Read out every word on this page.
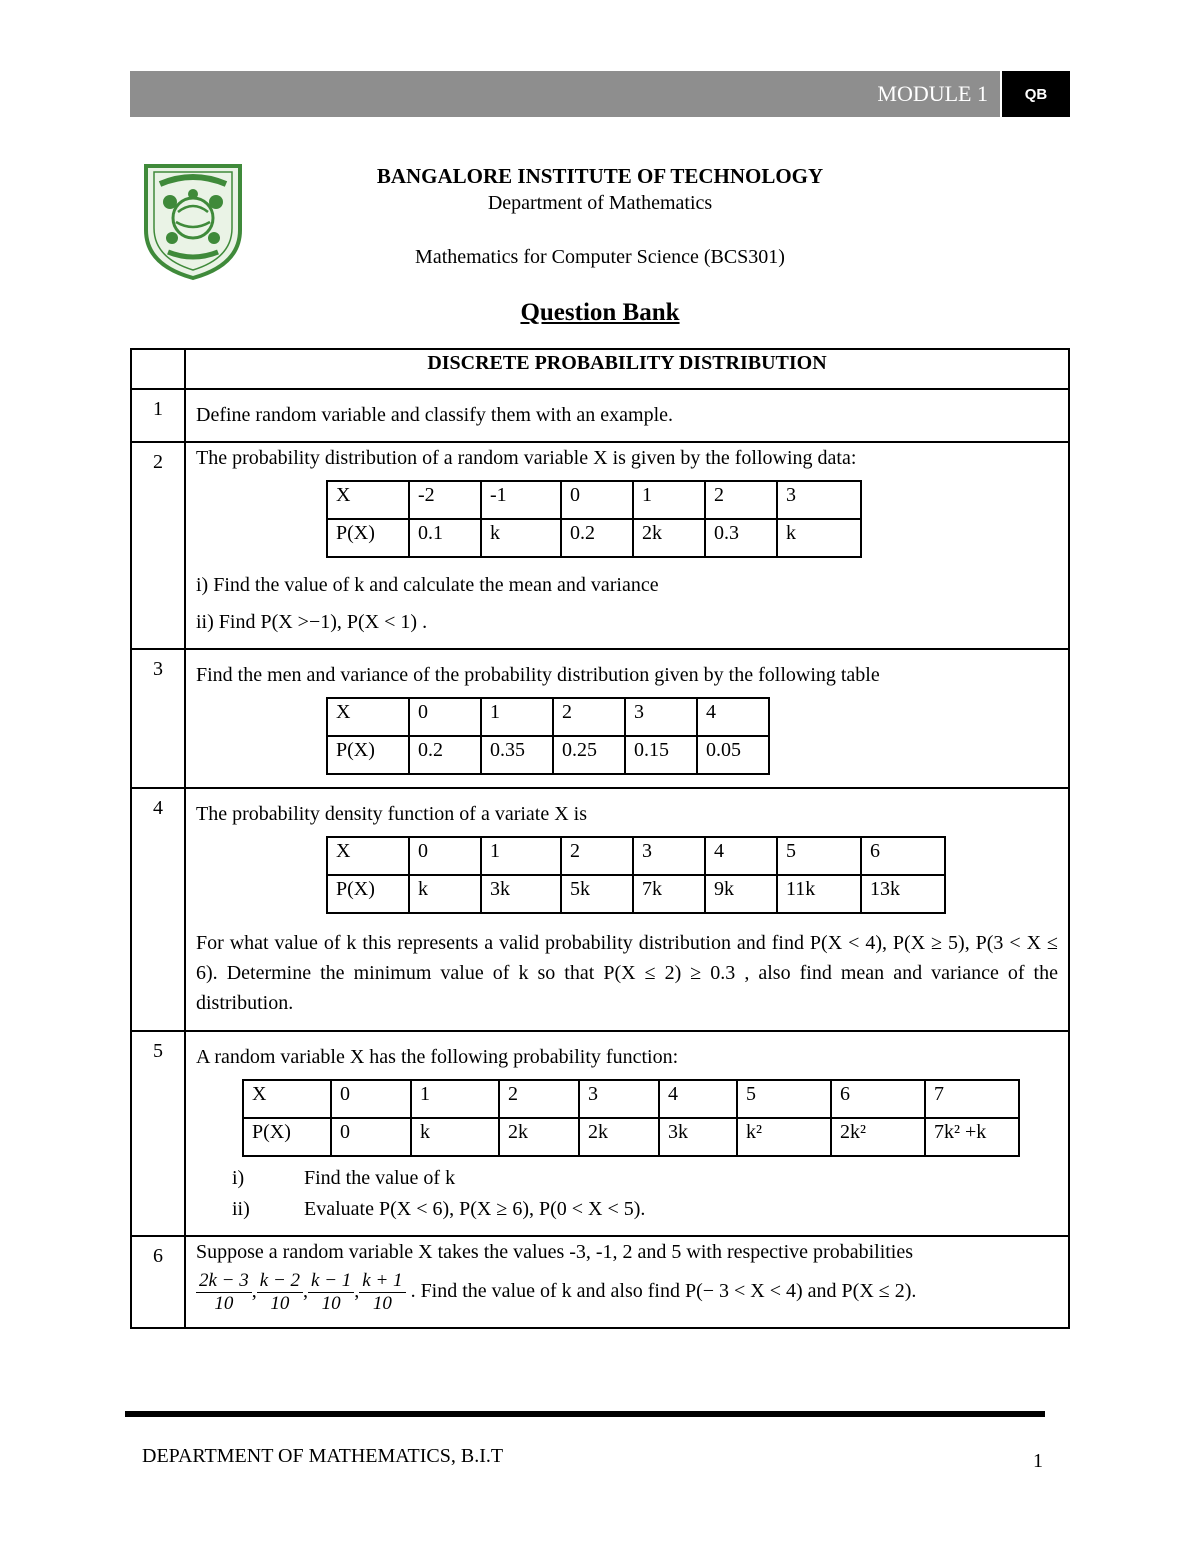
MODULE 1	QB
BANGALORE INSTITUTE OF TECHNOLOGY
Department of Mathematics
Mathematics for Computer Science (BCS301)
Question Bank
	DISCRETE PROBABILITY DISTRIBUTION
1	Define random variable and classify them with an example.
2	The probability distribution of a random variable X is given by the following data:
X	-2	-1	0	1	2	3
P(X)	0.1	k	0.2	2k	0.3	k
i) Find the value of k and calculate the mean and variance
ii) Find P(X >−1), P(X < 1) .

3	Find the men and variance of the probability distribution given by the following table
X	0	1	2	3	4
P(X)	0.2	0.35	0.25	0.15	0.05

4	The probability density function of a variate X is
X	0	1	2	3	4	5	6
P(X)	k	3k	5k	7k	9k	11k	13k
For what value of k this represents a valid probability distribution and find P(X < 4), P(X ≥ 5), P(3 < X ≤ 6). Determine the minimum value of k so that P(X ≤ 2) ≥ 0.3 , also find mean and variance of the distribution.

5	A random variable X has the following probability function:
X	0	1	2	3	4	5	6	7
P(X)	0	k	2k	2k	3k	k²	2k²	7k² +k
i)	Find the value of k
ii)	Evaluate P(X < 6), P(X ≥ 6), P(0 < X < 5).

6	Suppose a random variable X takes the values -3, -1, 2 and 5 with respective probabilities
$\frac{2k - 3}{10}$ , $\frac{k - 2}{10}$ , $\frac{k - 1}{10}$ , $\frac{k + 1}{10}$ . Find the value of k and also find P(− 3 < X < 4) and P(X ≤ 2).
DEPARTMENT OF MATHEMATICS, B.I.T	1
